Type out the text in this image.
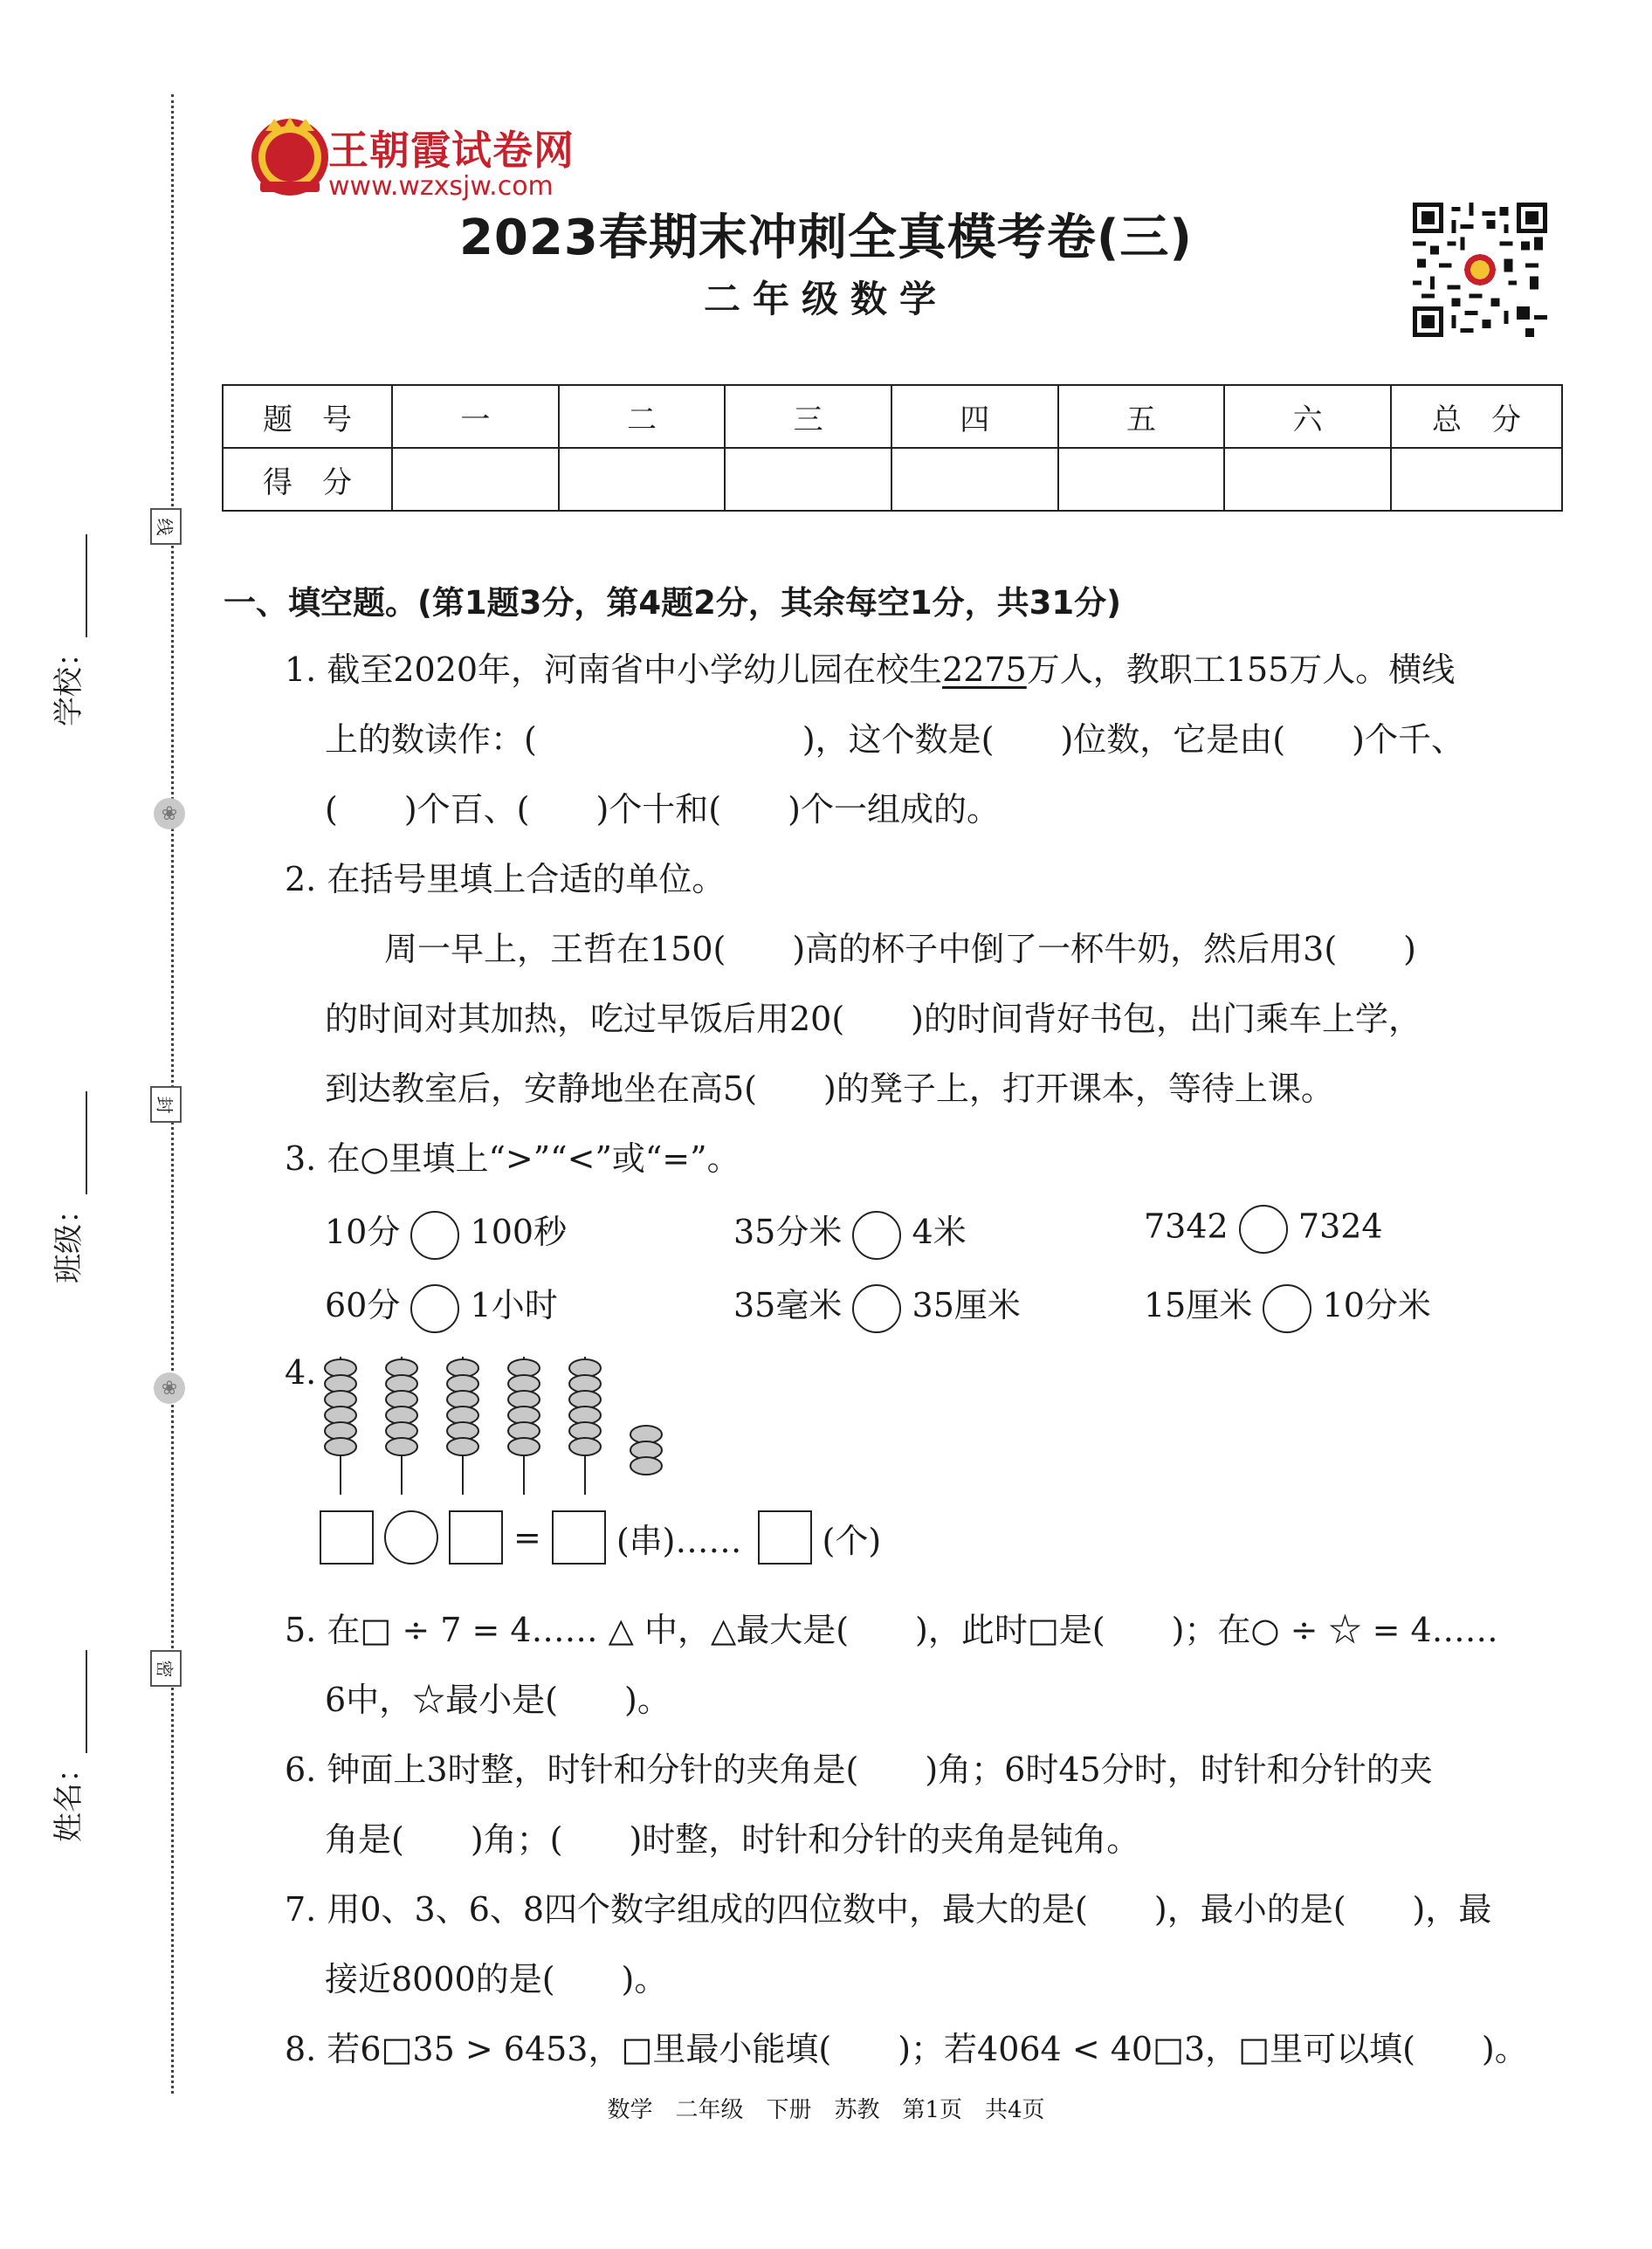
线
❀
封
❀
密
学校：
班级：
姓名：
王朝霞试卷网
www.wzxsjw.com
2023春期末冲刺全真模考卷(三)
二年级数学
题　号	一	二	三	四	五	六	总　分
得　分							
一、填空题。(第1题3分，第4题2分，其余每空1分，共31分)
1. 截至2020年，河南省中小学幼儿园在校生2275万人，教职工155万人。横线
上的数读作：(　　　　　　　　)，这个数是(　　)位数，它是由(　　)个千、
(　　)个百、(　　)个十和(　　)个一组成的。
2. 在括号里填上合适的单位。
周一早上，王哲在150(　　)高的杯子中倒了一杯牛奶，然后用3(　　)
的时间对其加热，吃过早饭后用20(　　)的时间背好书包，出门乘车上学，
到达教室后，安静地坐在高5(　　)的凳子上，打开课本，等待上课。
3. 在○里填上“>”“<”或“=”。
10分 100秒	35分米 4米	7342 7324
60分 1小时	35毫米 35厘米	15厘米 10分米
4.
= (串)…… (个)
5. 在□ ÷ 7 = 4…… △ 中，△最大是(　　)，此时□是(　　)；在○ ÷ ☆ = 4……
6中，☆最小是(　　)。
6. 钟面上3时整，时针和分针的夹角是(　　)角；6时45分时，时针和分针的夹
角是(　　)角；(　　)时整，时针和分针的夹角是钝角。
7. 用0、3、6、8四个数字组成的四位数中，最大的是(　　)，最小的是(　　)，最
接近8000的是(　　)。
8. 若6□35 > 6453，□里最小能填(　　)；若4064 < 40□3，□里可以填(　　)。
数学　二年级　下册　苏教　第1页　共4页
